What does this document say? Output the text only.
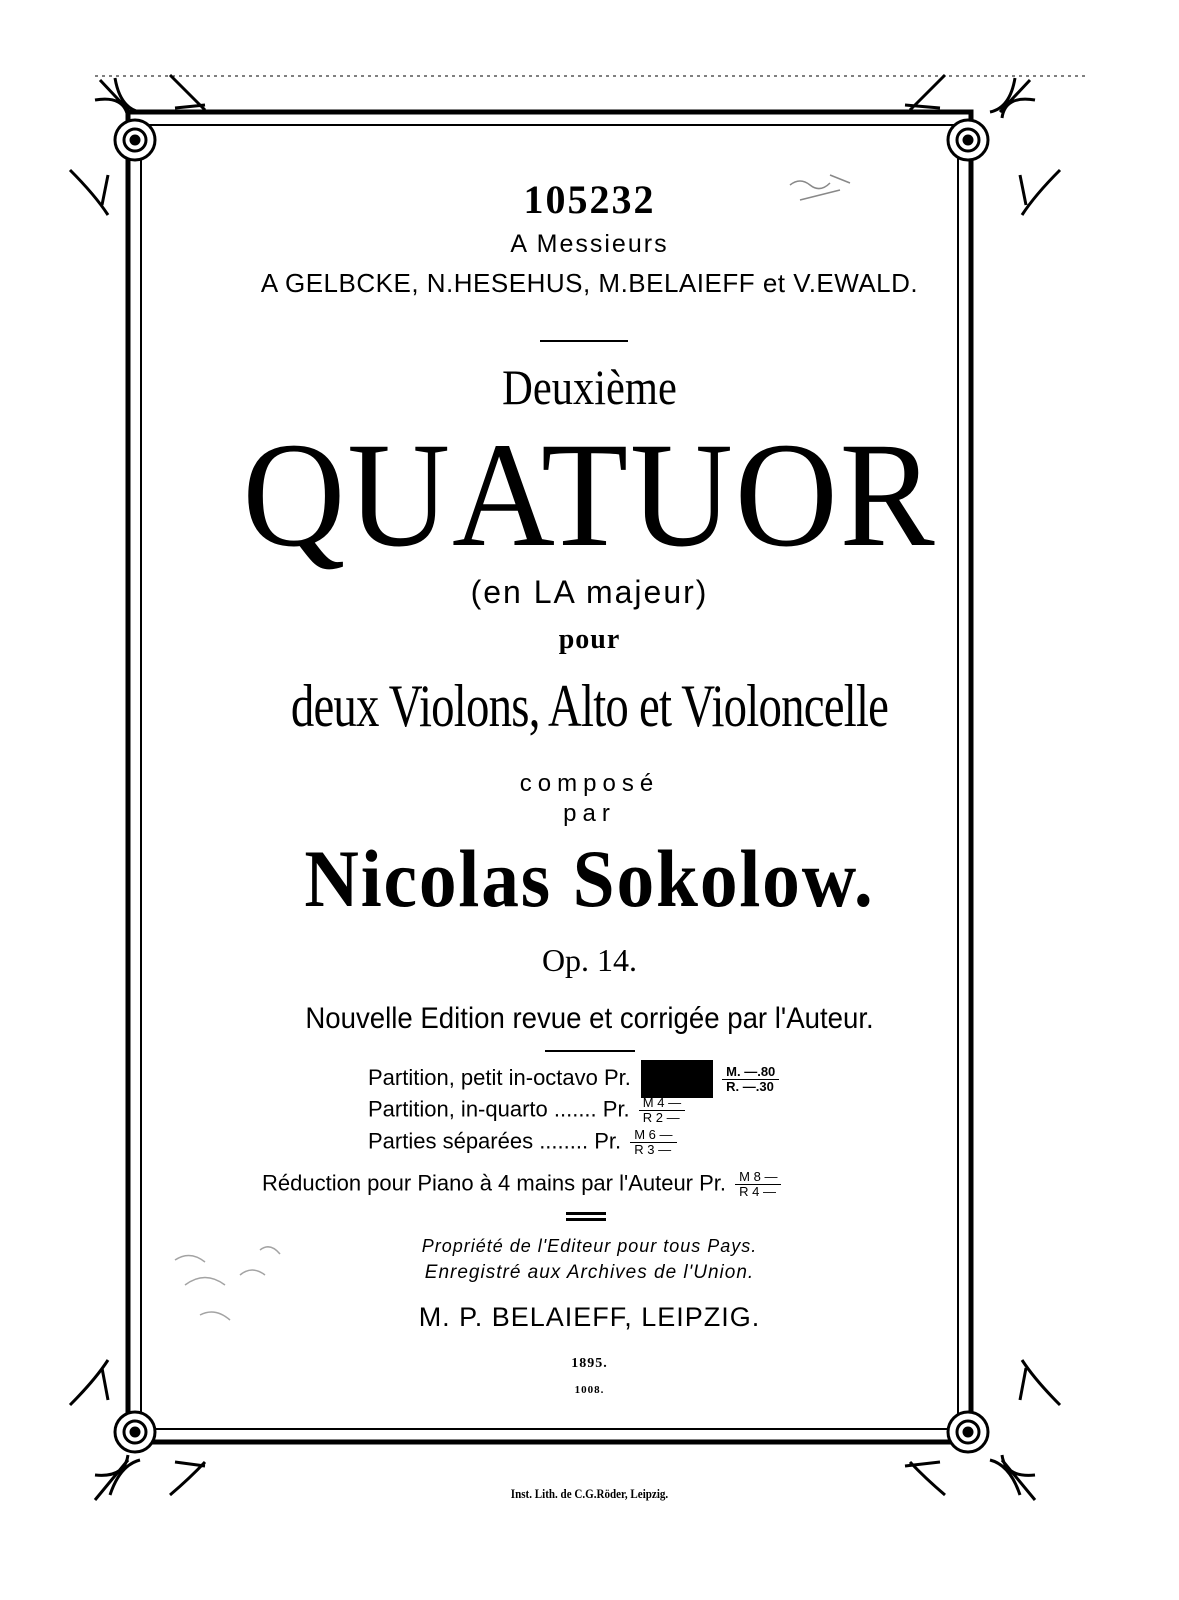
105232
A Messieurs
A GELBCKE, N.HESEHUS, M.BELAIEFF et V.EWALD.
Deuxième
QUATUOR
(en LA majeur)
pour
deux Violons, Alto et Violoncelle
composé
par
Nicolas Sokolow.
Op. 14.
Nouvelle Edition revue et corrigée par l'Auteur.
Partition, petit in-octavo Pr.	$\frac{M. —.80}{R. —.30}$
Partition, in-quarto ....... Pr. $\frac{M 4 —}{R 2 —}$
Parties séparées ........ Pr. $\frac{M 6 —}{R 3 —}$
Réduction pour Piano à 4 mains par l'Auteur Pr. $\frac{M 8 —}{R 4 —}$
Propriété de l'Editeur pour tous Pays.
Enregistré aux Archives de l'Union.
M. P. BELAIEFF, LEIPZIG.
1895.
1008.
Inst. Lith. de C.G.Röder, Leipzig.
